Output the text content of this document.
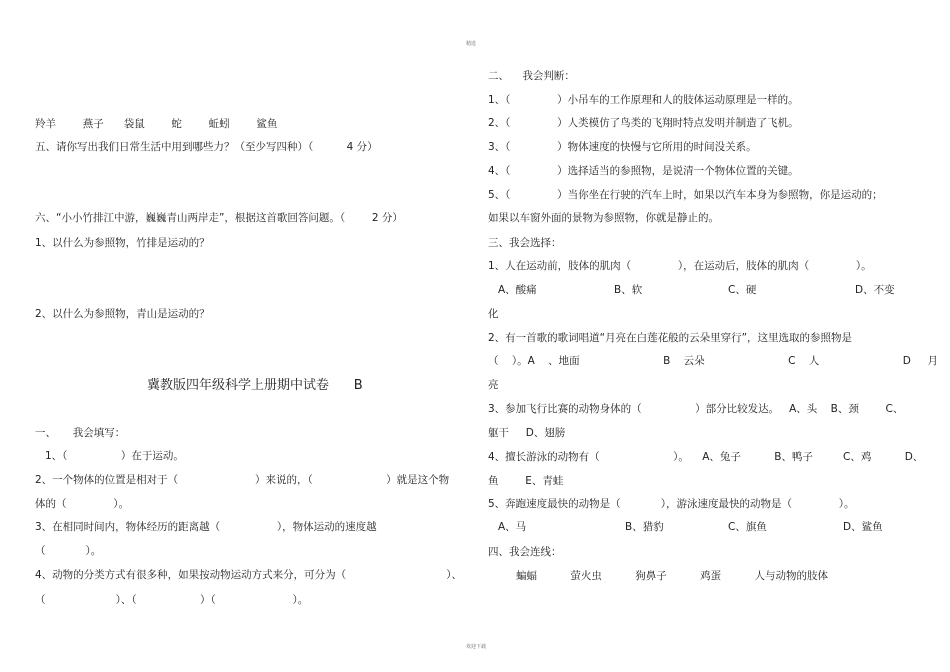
精选
欢迎下载
羚羊        燕子      袋鼠        蛇        蚯蚓        鲨鱼
五、请你写出我们日常生活中用到哪些力？（至少写四种）（          4 分）
六、“小小竹排江中游，巍巍青山两岸走”，根据这首歌回答问题。（        2 分）
1、以什么为参照物，竹排是运动的？
2、以什么为参照物，青山是运动的？
冀教版四年级科学上册期中试卷      B
一、     我会填写：
1、（                ）在于运动。
2、一个物体的位置是相对于（                       ）来说的，（                      ）就是这个物
体的（              ）。
3、在相同时间内，物体经历的距离越（                 ），物体运动的速度越
（            ）。
4、动物的分类方式有很多种，如果按动物运动方式来分，可分为（                              ）、
（                     ）、（                   ）（                       ）。
二、    我会判断：
1、（              ）小吊车的工作原理和人的肢体运动原理是一样的。
2、（              ）人类模仿了鸟类的飞翔时特点发明并制造了飞机。
3、（              ）物体速度的快慢与它所用的时间没关系。
4、（              ）选择适当的参照物，是说清一个物体位置的关键。
5、（              ）当你坐在行驶的汽车上时，如果以汽车本身为参照物，你是运动的；
如果以车窗外面的景物为参照物，你就是静止的。
三、我会选择：
1、人在运动前，肢体的肌肉（              ），在运动后，肢体的肌肉（              ）。
A、酸痛	B、软	C、硬	D、不变
化
2、有一首歌的歌词唱道“月亮在白莲花般的云朵里穿行”，这里选取的参照物是
（    ）。A    、地面                         B    云朵                         C    人                         D     月
亮
3、参加飞行比赛的动物身体的（                ）部分比较发达。   A、头    B、颈        C、
躯干     D、翅膀
4、擅长游泳的动物有（                      ）。    A、兔子          B、鸭子         C、鸡          D、
鱼        E、青蛙
5、奔跑速度最快的动物是（            ），游泳速度最快的动物是（              ）。
A、马	B、猎豹	C、旗鱼	D、鲨鱼
四、我会连线：
蝙蝠          萤火虫          狗鼻子          鸡蛋          人与动物的肢体
